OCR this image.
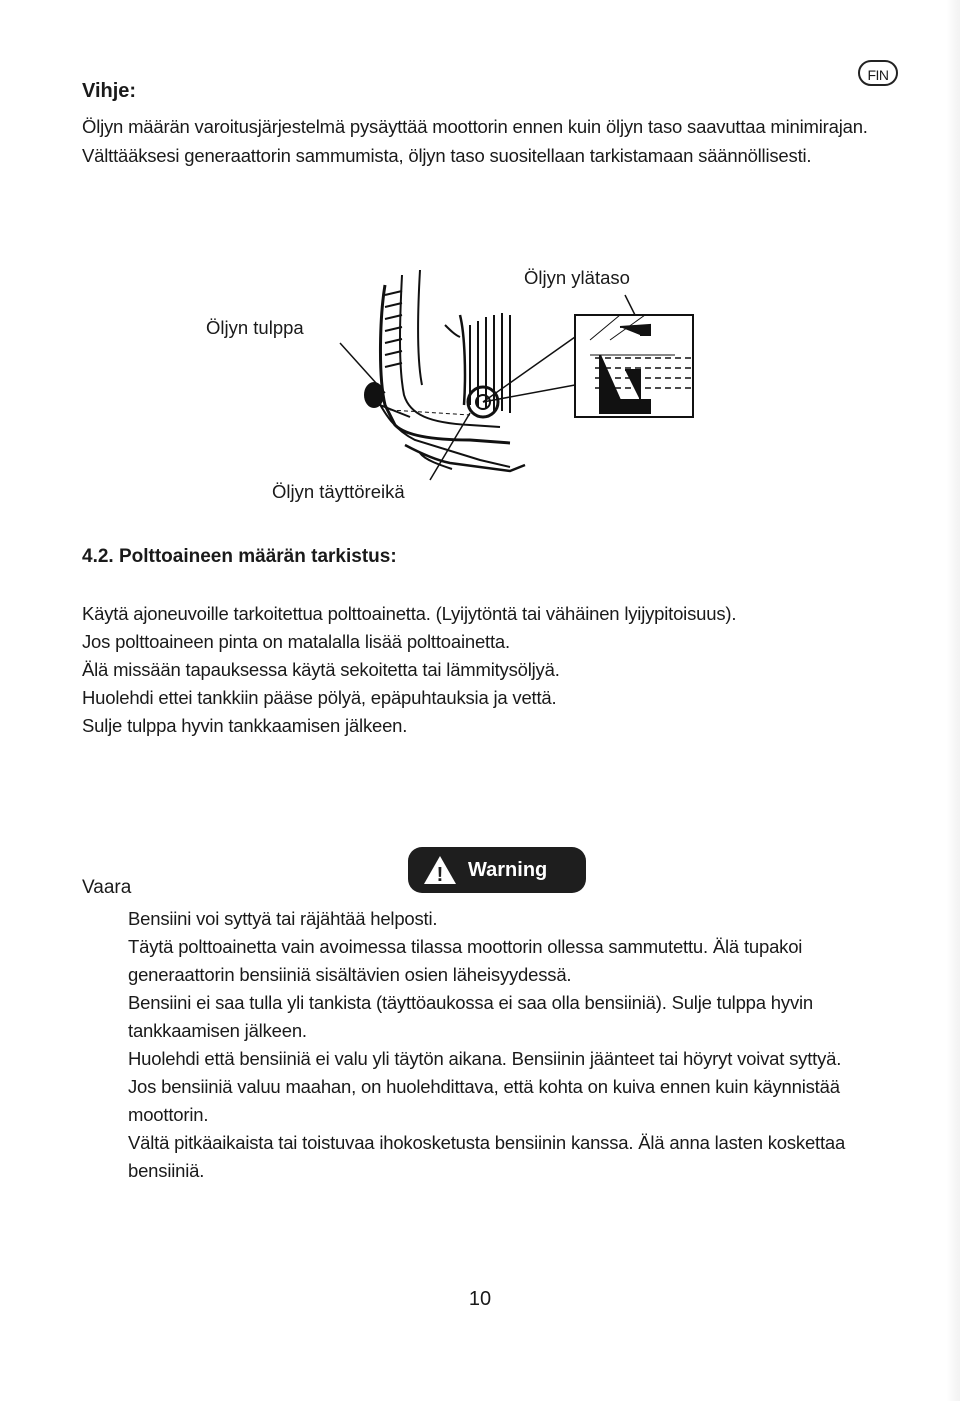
FIN
Vihje:
Öljyn määrän varoitusjärjestelmä pysäyttää moottorin ennen kuin öljyn taso saavuttaa minimirajan. Välttääksesi generaattorin sammumista, öljyn taso suositellaan tarkistamaan säännöllisesti.
Öljyn tulppa
Öljyn ylätaso
Öljyn täyttöreikä
4.2. Polttoaineen määrän tarkistus:
Käytä ajoneuvoille tarkoitettua polttoainetta. (Lyijytöntä tai vähäinen lyijypitoisuus).
Jos polttoaineen pinta on matalalla lisää polttoainetta.
Älä missään tapauksessa käytä sekoitetta tai lämmitysöljyä.
Huolehdi ettei tankkiin pääse pölyä, epäpuhtauksia ja vettä.
Sulje tulppa hyvin tankkaamisen jälkeen.
! Warning
Vaara

Bensiini voi syttyä tai räjähtää helposti.

Täytä polttoainetta vain avoimessa tilassa moottorin ollessa sammutettu. Älä tupakoi generaattorin bensiiniä sisältävien osien läheisyydessä.

Bensiini ei saa tulla yli tankista (täyttöaukossa ei saa olla bensiiniä). Sulje tulppa hyvin tankkaamisen jälkeen.

Huolehdi että bensiiniä ei valu yli täytön aikana. Bensiinin jäänteet tai höyryt voivat syttyä.

Jos bensiiniä valuu maahan, on huolehdittava, että kohta on kuiva ennen kuin käynnistää moottorin.

Vältä pitkäaikaista tai toistuvaa ihokosketusta bensiinin kanssa. Älä anna lasten koskettaa bensiiniä.

10
